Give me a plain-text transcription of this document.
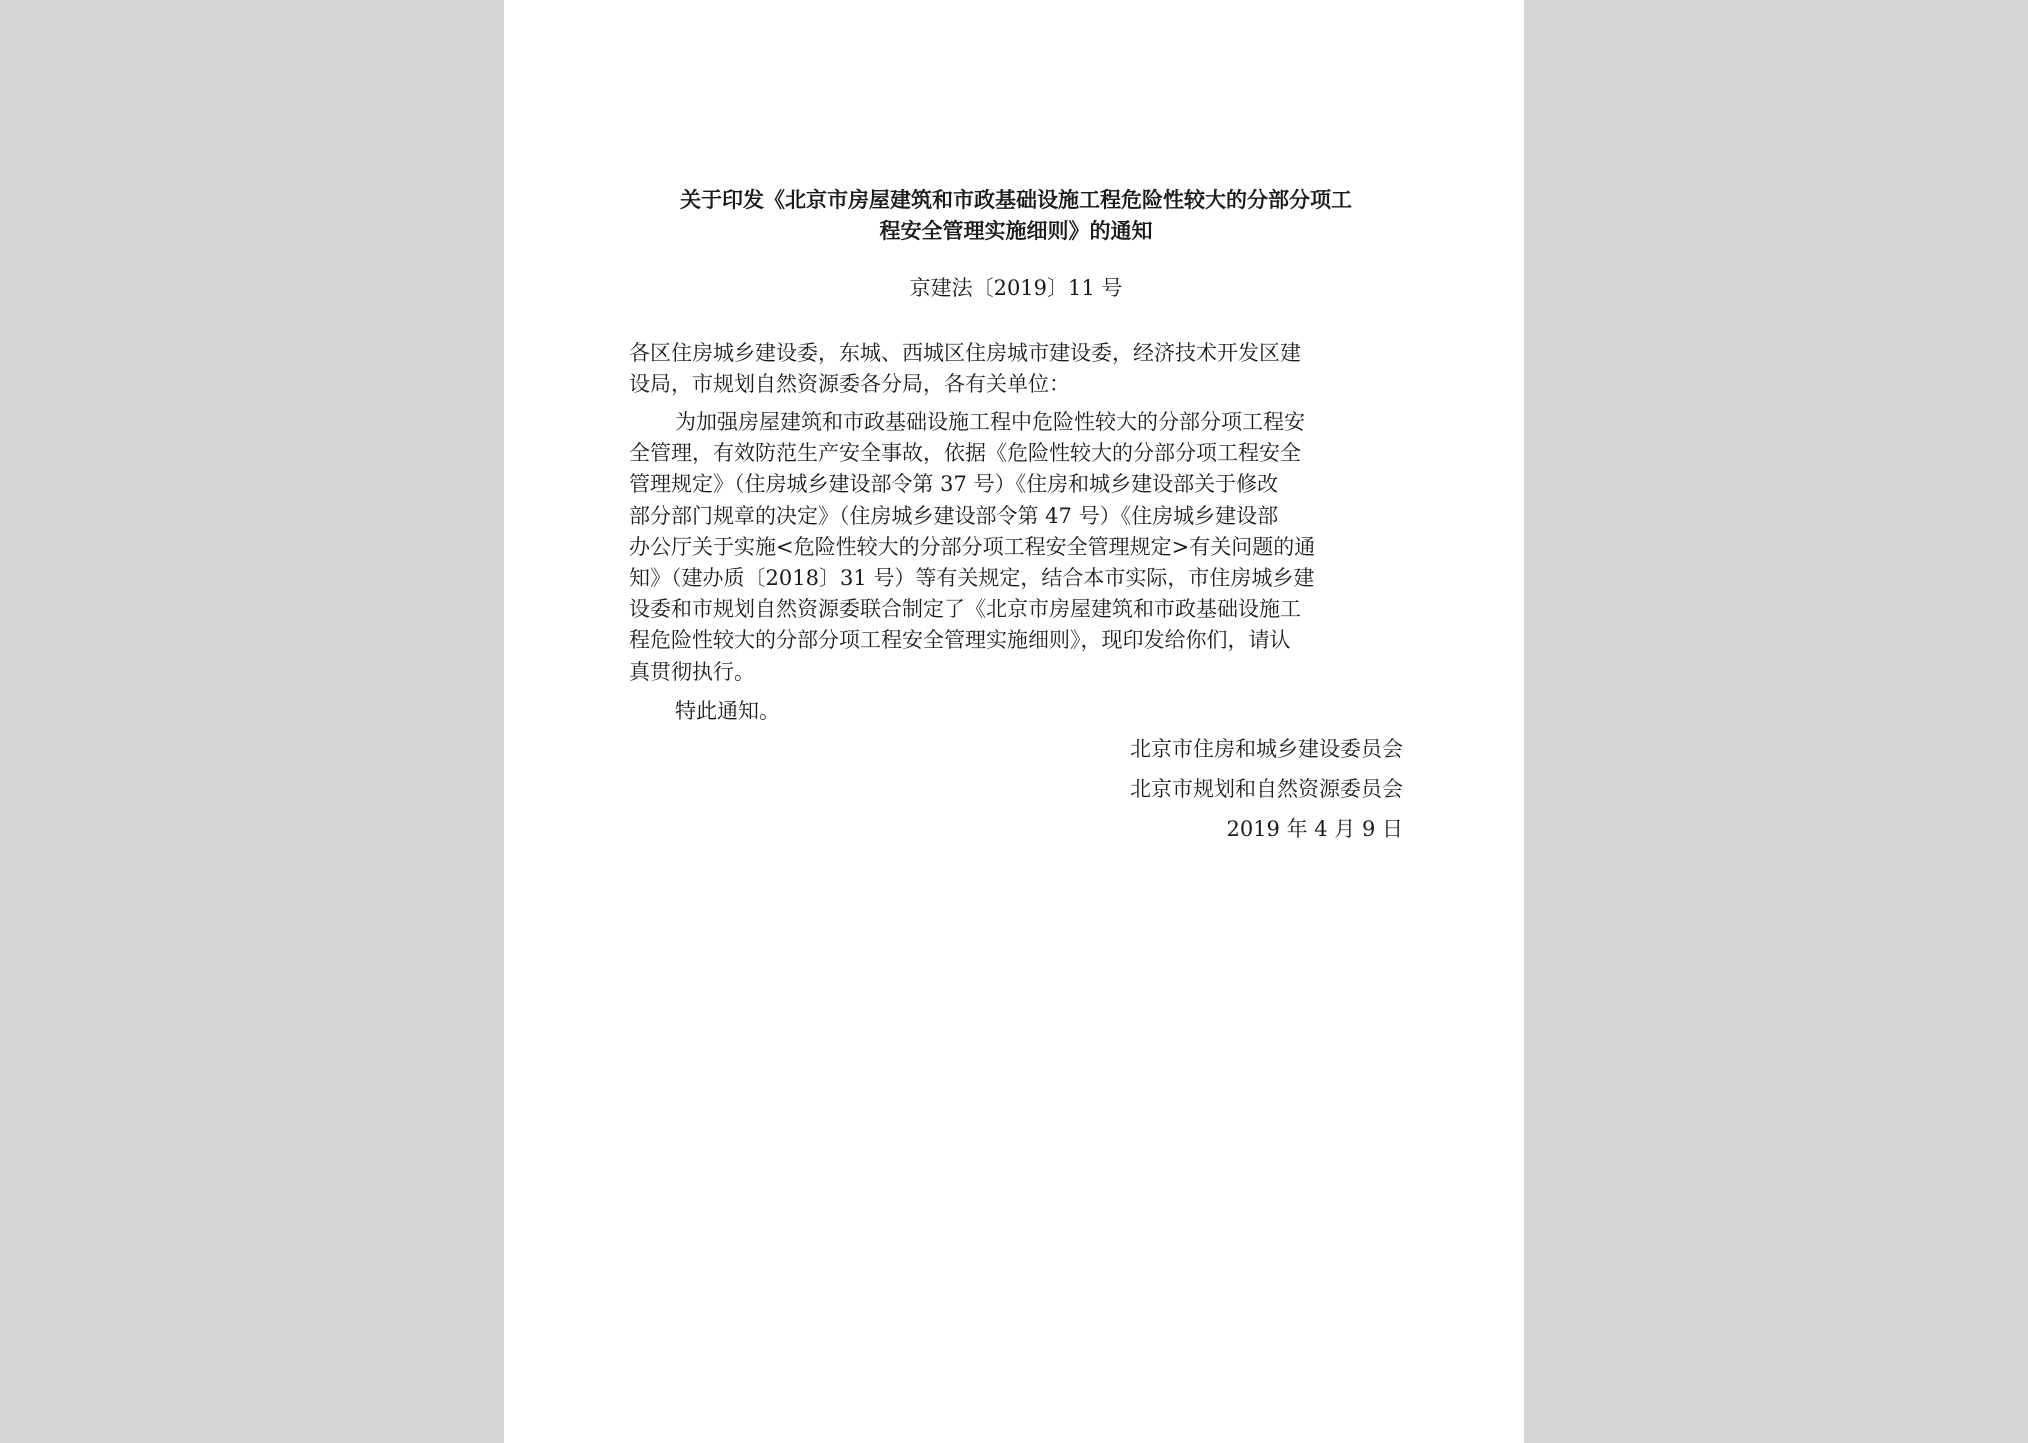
关于印发《北京市房屋建筑和市政基础设施工程危险性较大的分部分项工
程安全管理实施细则》的通知
京建法〔2019〕11 号
各区住房城乡建设委，东城、西城区住房城市建设委，经济技术开发区建
设局，市规划自然资源委各分局，各有关单位：
为加强房屋建筑和市政基础设施工程中危险性较大的分部分项工程安
全管理，有效防范生产安全事故，依据《危险性较大的分部分项工程安全
管理规定》（住房城乡建设部令第 37 号）《住房和城乡建设部关于修改
部分部门规章的决定》（住房城乡建设部令第 47 号）《住房城乡建设部
办公厅关于实施<危险性较大的分部分项工程安全管理规定>有关问题的通
知》（建办质〔2018〕31 号）等有关规定，结合本市实际，市住房城乡建
设委和市规划自然资源委联合制定了《北京市房屋建筑和市政基础设施工
程危险性较大的分部分项工程安全管理实施细则》，现印发给你们，请认
真贯彻执行。
特此通知。
北京市住房和城乡建设委员会
北京市规划和自然资源委员会
2019 年 4 月 9 日
